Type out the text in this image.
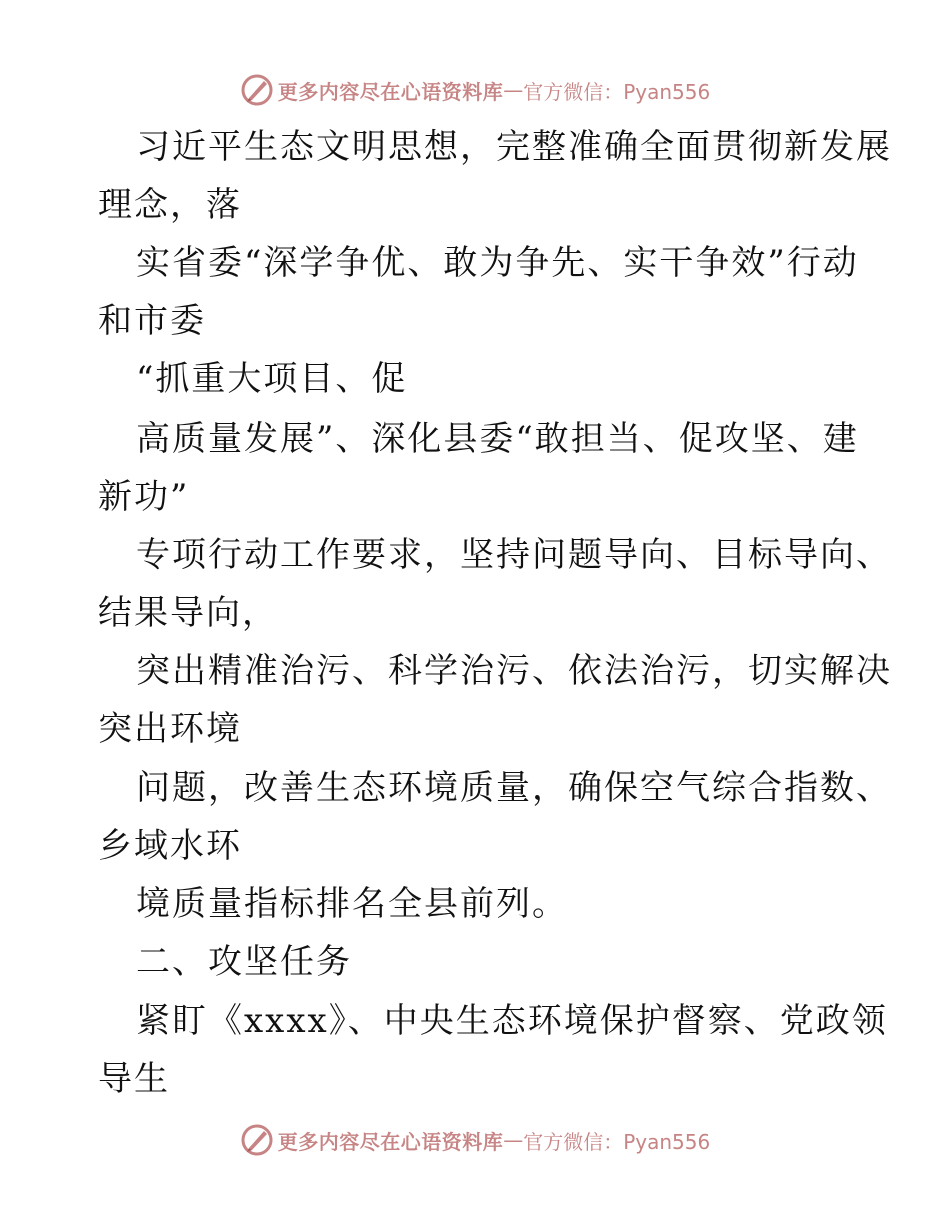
更多内容尽在心语资料库 — 官方微信：Pyan556
习近平生态文明思想，完整准确全面贯彻新发展
理念，落
实省委“深学争优、敢为争先、实干争效”行动
和市委
“抓重大项目、促
高质量发展”、深化县委“敢担当、促攻坚、建
新功”
专项行动工作要求，坚持问题导向、目标导向、
结果导向，
突出精准治污、科学治污、依法治污，切实解决
突出环境
问题，改善生态环境质量，确保空气综合指数、
乡域水环
境质量指标排名全县前列。
二、攻坚任务
紧盯《xxxx》、中央生态环境保护督察、党政领
导生
更多内容尽在心语资料库 — 官方微信：Pyan556
